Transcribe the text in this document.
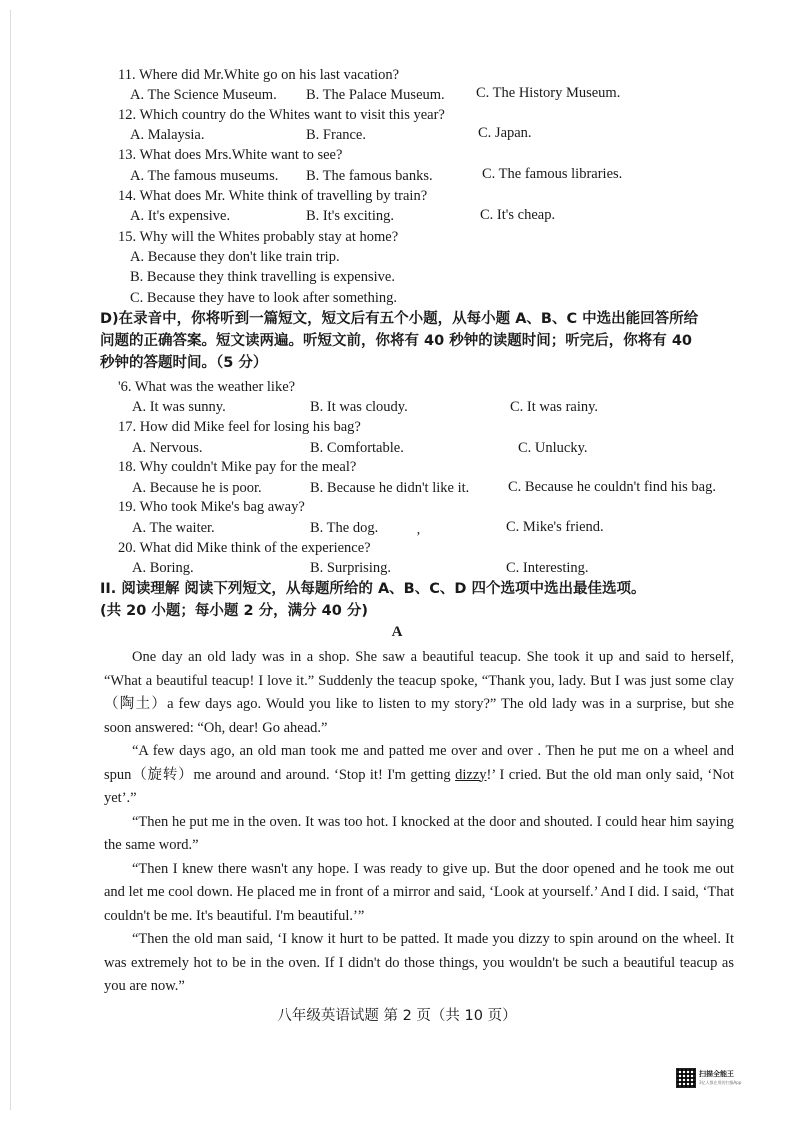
11. Where did Mr.White go on his last vacation?
A. The Science Museum. B. The Palace Museum. C. The History Museum.
12. Which country do the Whites want to visit this year?
A. Malaysia.	B. France.	C. Japan.
13. What does Mrs.White want to see?
A. The famous museums. B. The famous banks.	C. The famous libraries.
14. What does Mr. White think of travelling by train?
A. It's expensive.	B. It's exciting.	C. It's cheap.
15. Why will the Whites probably stay at home?
A. Because they don't like train trip.
B. Because they think travelling is expensive.
C. Because they have to look after something.
D)在录音中，你将听到一篇短文，短文后有五个小题，从每小题 A、B、C 中选出能回答所给
问题的正确答案。短文读两遍。听短文前，你将有 40 秒钟的读题时间；听完后，你将有 40
秒钟的答题时间。（5 分）
'6. What was the weather like?
A. It was sunny.	B. It was cloudy.	C. It was rainy.
17. How did Mike feel for losing his bag?
A. Nervous.	B. Comfortable.	C. Unlucky.
18. Why couldn't Mike pay for the meal?
A. Because he is poor.	B. Because he didn't like it.	C. Because he couldn't find his bag.
19. Who took Mike's bag away?
A. The waiter.	B. The dog.	C. Mike's friend.
20. What did Mike think of the experience?
’
A. Boring.	B. Surprising.	C. Interesting.
II. 阅读理解 阅读下列短文，从每题所给的 A、B、C、D 四个选项中选出最佳选项。
(共 20 小题；每小题 2 分，满分 40 分)
A

One day an old lady was in a shop. She saw a beautiful teacup. She took it up and said to herself, “What a beautiful teacup! I love it.” Suddenly the teacup spoke, “Thank you, lady. But I was just some clay（陶土）a few days ago. Would you like to listen to my story?” The old lady was in a surprise, but she soon answered: “Oh, dear! Go ahead.”

“A few days ago, an old man took me and patted me over and over . Then he put me on a wheel and spun（旋转）me around and around. ‘Stop it! I'm getting dizzy!’ I cried. But the old man only said, ‘Not yet’.”

“Then he put me in the oven. It was too hot. I knocked at the door and shouted. I could hear him saying the same word.”

“Then I knew there wasn't any hope. I was ready to give up. But the door opened and he took me out and let me cool down. He placed me in front of a mirror and said, ‘Look at yourself.’ And I did. I said, ‘That couldn't be me. It's beautiful. I'm beautiful.’”

“Then the old man said, ‘I know it hurt to be patted. It made you dizzy to spin around on the wheel. It was extremely hot to be in the oven. If I didn't do those things, you wouldn't be such a beautiful teacup as you are now.”

八年级英语试题 第 2 页（共 10 页）
扫描全能王
3亿人都在用的扫描App
